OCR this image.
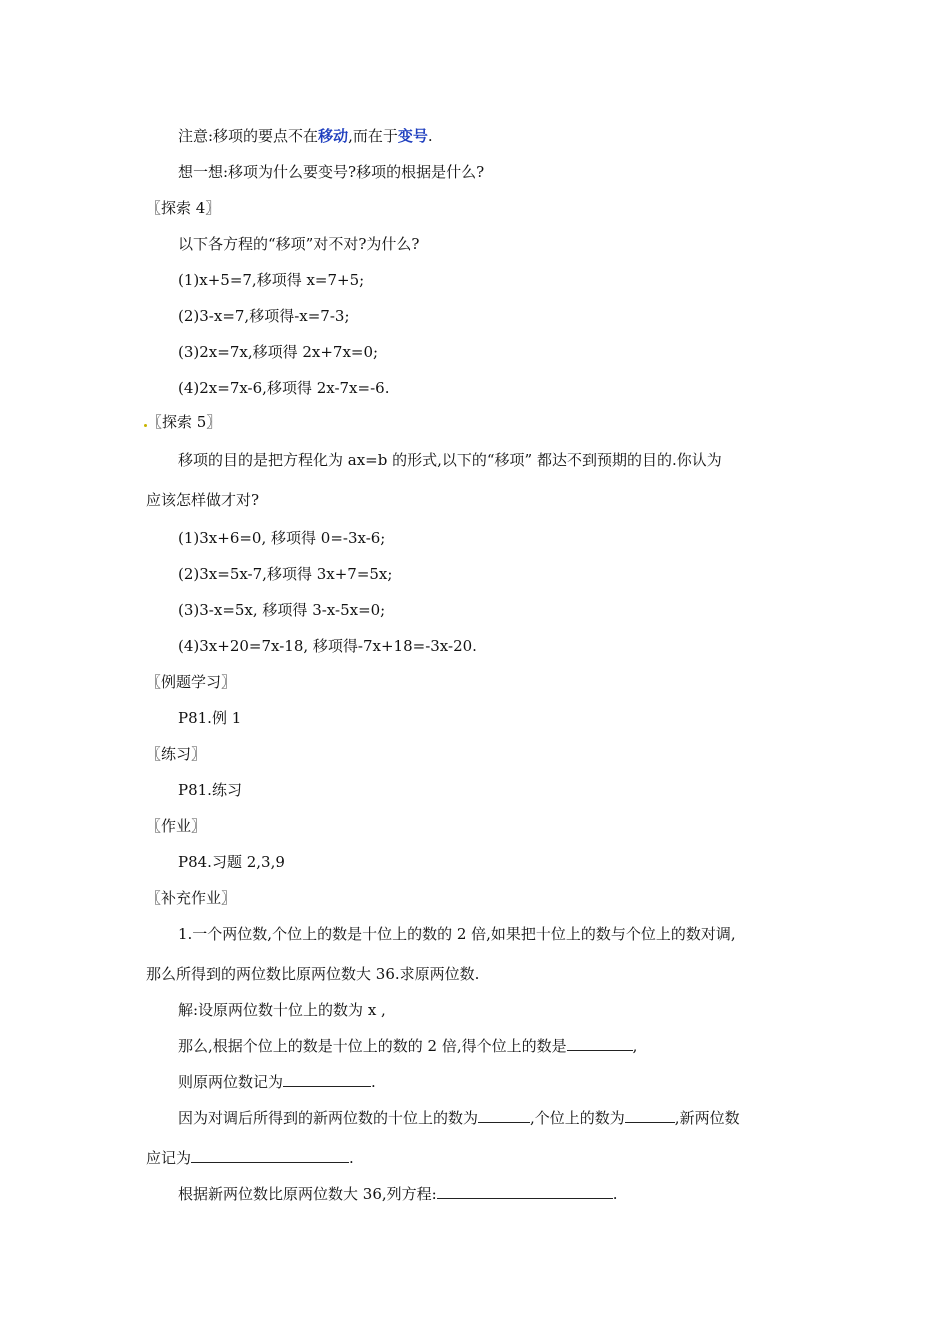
注意:移项的要点不在移动,而在于变号.
想一想:移项为什么要变号?移项的根据是什么?
〖探索 4〗
以下各方程的“移项”对不对?为什么?
(1)x+5=7,移项得 x=7+5;
(2)3-x=7,移项得-x=7-3;
(3)2x=7x,移项得 2x+7x=0;
(4)2x=7x-6,移项得 2x-7x=-6.
〖探索 5〗
移项的目的是把方程化为 ax=b 的形式,以下的“移项” 都达不到预期的目的.你认为
应该怎样做才对?
(1)3x+6=0, 移项得 0=-3x-6;
(2)3x=5x-7,移项得 3x+7=5x;
(3)3-x=5x, 移项得 3-x-5x=0;
(4)3x+20=7x-18, 移项得-7x+18=-3x-20.
〖例题学习〗
P81.例 1
〖练习〗
P81.练习
〖作业〗
P84.习题 2,3,9
〖补充作业〗
1.一个两位数,个位上的数是十位上的数的 2 倍,如果把十位上的数与个位上的数对调,
那么所得到的两位数比原两位数大 36.求原两位数.
解:设原两位数十位上的数为 x ,
那么,根据个位上的数是十位上的数的 2 倍,得个位上的数是	,
则原两位数记为	.
因为对调后所得到的新两位数的十位上的数为	,个位上的数为	,新两位数
应记为	.
根据新两位数比原两位数大 36,列方程:	.
